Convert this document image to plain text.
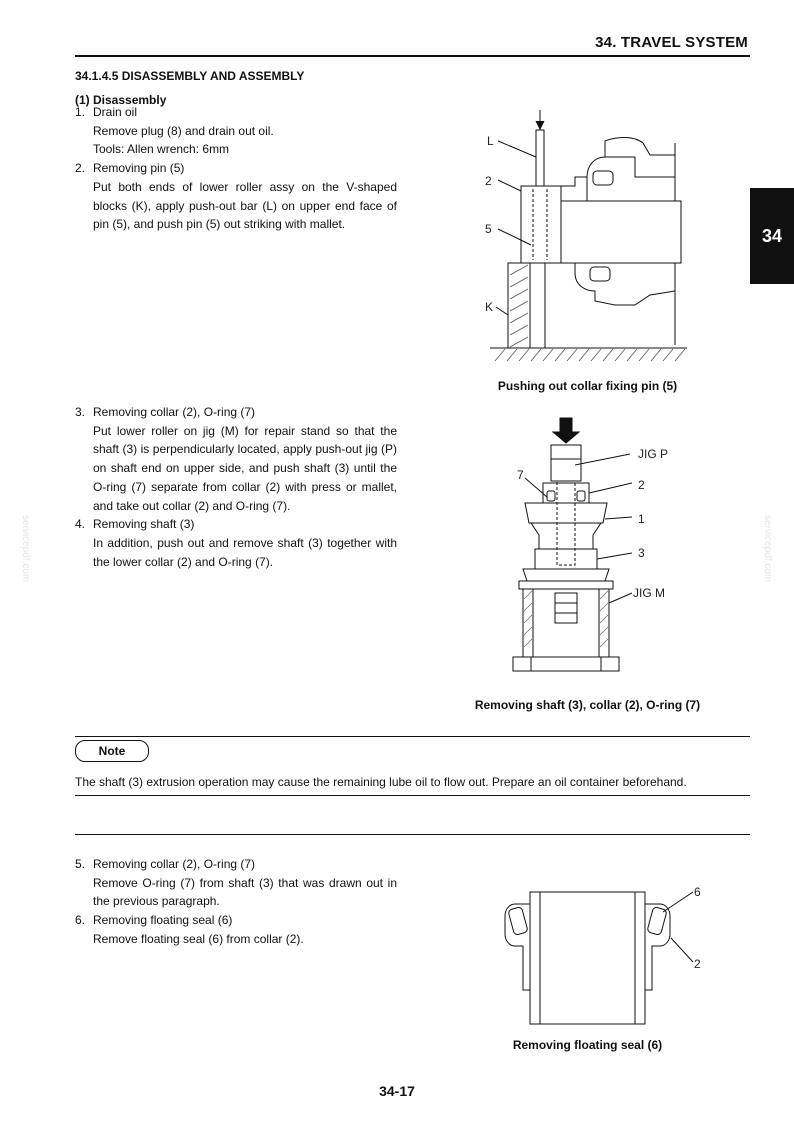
34. TRAVEL SYSTEM
34
servicepdf.com	servicepdf.com
34.1.4.5 DISASSEMBLY AND ASSEMBLY
(1) Disassembly

1. Drain oil

Remove plug (8) and drain out oil.

Tools: Allen wrench: 6mm

2. Removing pin (5)

Put both ends of lower roller assy on the V-shaped blocks (K), apply push-out bar (L) on upper end face of pin (5), and push pin (5) out striking with mallet.

L
2
5
K
Pushing out collar fixing pin (5)

3. Removing collar (2), O-ring (7)

Put lower roller on jig (M) for repair stand so that the shaft (3) is perpendicularly located, apply push-out jig (P) on shaft end on upper side, and push shaft (3) until the O-ring (7) separate from collar (2) with press or mallet, and take out collar (2) and O-ring (7).

4. Removing shaft (3)

In addition, push out and remove shaft (3) together with the lower collar (2) and O-ring (7).

JIG P
7
2
1
3
JIG M
Removing shaft (3), collar (2), O-ring (7)
Note
The shaft (3) extrusion operation may cause the remaining lube oil to flow out. Prepare an oil container beforehand.

5. Removing collar (2), O-ring (7)

Remove O-ring (7) from shaft (3) that was drawn out in the previous paragraph.

6. Removing floating seal (6)

Remove floating seal (6) from collar (2).

6
2
Removing floating seal (6)
34-17
